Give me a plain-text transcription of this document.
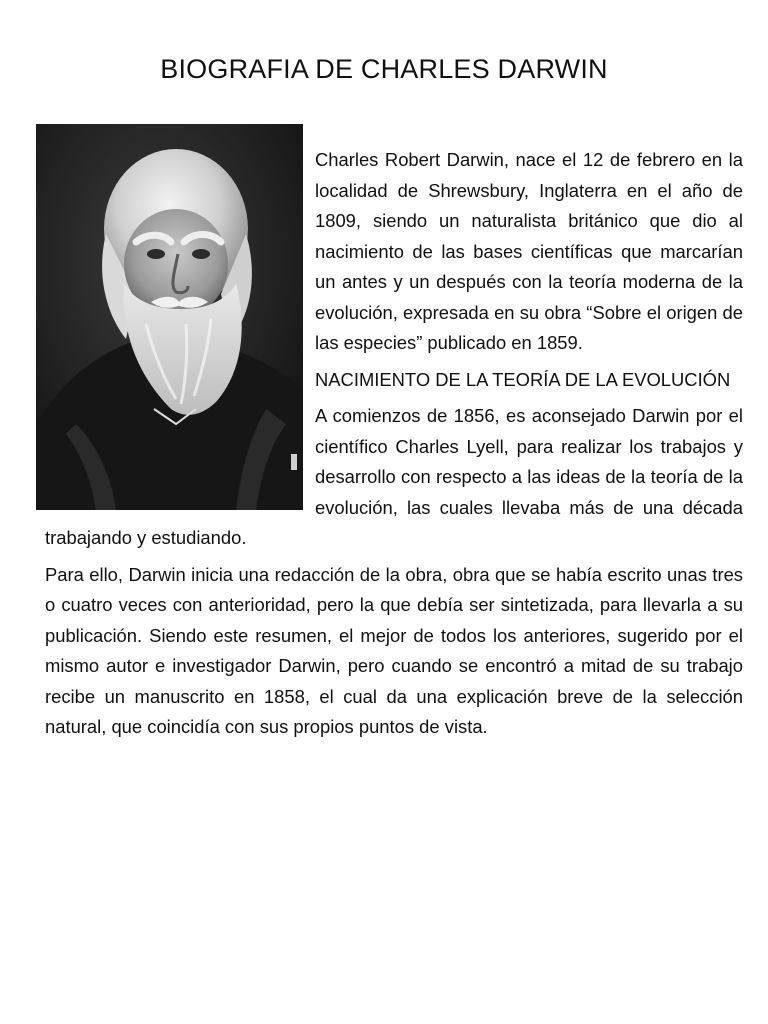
BIOGRAFIA DE CHARLES DARWIN

Charles Robert Darwin, nace el 12 de febrero en la localidad de Shrewsbury, Inglaterra en el año de 1809, siendo un naturalista británico que dio al nacimiento de las bases científicas que marcarían un antes y un después con la teoría moderna de la evolución, expresada en su obra “Sobre el origen de las especies” publicado en 1859.

NACIMIENTO DE LA TEORÍA DE LA EVOLUCIÓN

A comienzos de 1856, es aconsejado Darwin por el científico Charles Lyell, para realizar los trabajos y desarrollo con respecto a las ideas de la teoría de la evolución, las cuales llevaba más de una década trabajando y estudiando.

Para ello, Darwin inicia una redacción de la obra, obra que se había escrito unas tres o cuatro veces con anterioridad, pero la que debía ser sintetizada, para llevarla a su publicación. Siendo este resumen, el mejor de todos los anteriores, sugerido por el mismo autor e investigador Darwin, pero cuando se encontró a mitad de su trabajo recibe un manuscrito en 1858, el cual da una explicación breve de la selección natural, que coincidía con sus propios puntos de vista.
